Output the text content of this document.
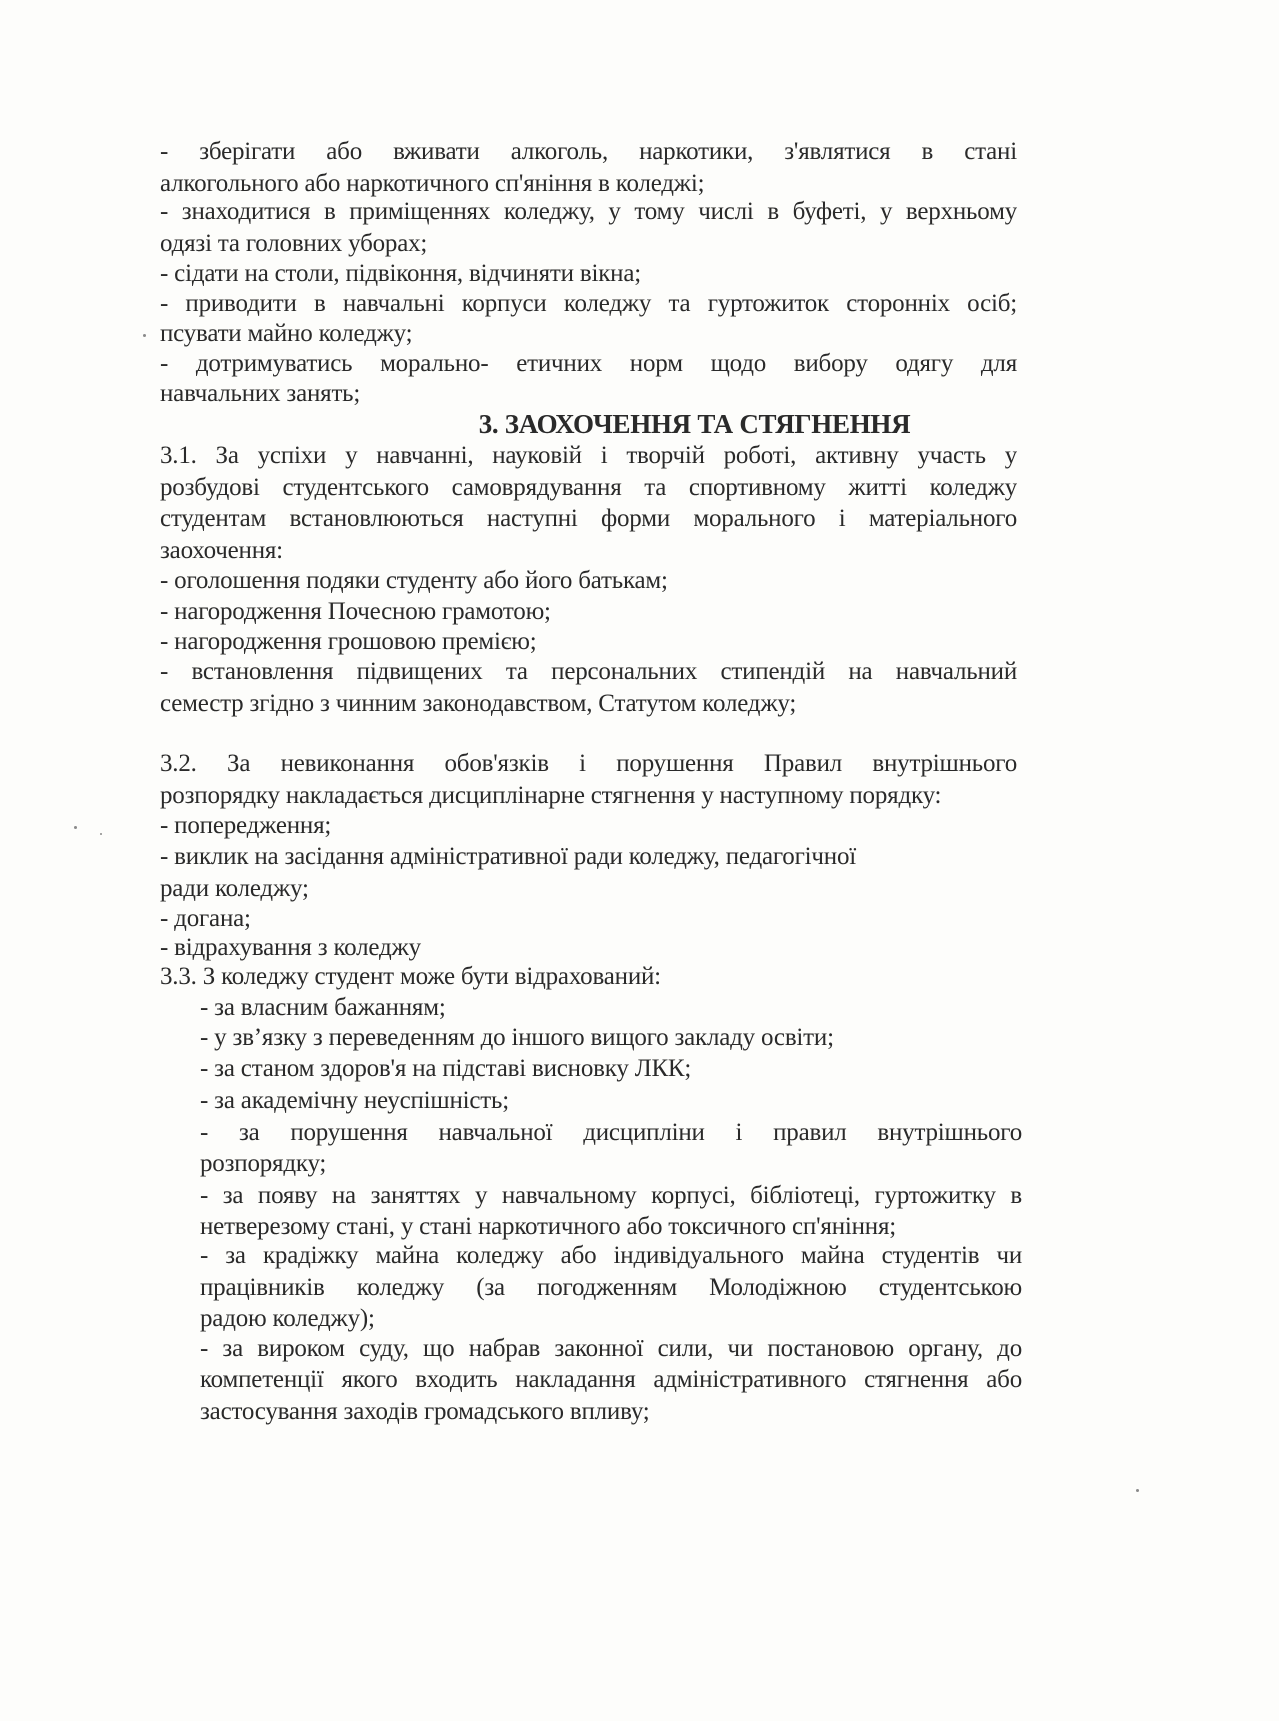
- зберігати або вживати алкоголь, наркотики, з'являтися в стані
алкогольного або наркотичного сп'яніння в коледжі;
- знаходитися в приміщеннях коледжу, у тому числі в буфеті, у верхньому
одязі та головних уборах;
- сідати на столи, підвіконня, відчиняти вікна;
- приводити в навчальні корпуси коледжу та гуртожиток сторонніх осіб;
псувати майно коледжу;
- дотримуватись морально- етичних норм щодо вибору одягу для
навчальних занять;
3. ЗАОХОЧЕННЯ ТА СТЯГНЕННЯ
3.1. За успіхи у навчанні, науковій і творчій роботі, активну участь у
розбудові студентського самоврядування та спортивному житті коледжу
студентам встановлюються наступні форми морального і матеріального
заохочення:
- оголошення подяки студенту або його батькам;
- нагородження Почесною грамотою;
- нагородження грошовою премією;
- встановлення підвищених та персональних стипендій на навчальний
семестр згідно з чинним законодавством, Статутом коледжу;
3.2. За невиконання обов'язків і порушення Правил внутрішнього
розпорядку накладається дисциплінарне стягнення у наступному порядку:
- попередження;
- виклик на засідання адміністративної ради коледжу, педагогічної
ради коледжу;
- догана;
- відрахування з коледжу
3.3. З коледжу студент може бути відрахований:
- за власним бажанням;
- у зв’язку з переведенням до іншого вищого закладу освіти;
- за станом здоров'я на підставі висновку ЛКК;
- за академічну неуспішність;
- за порушення навчальної дисципліни і правил внутрішнього
розпорядку;
- за появу на заняттях у навчальному корпусі, бібліотеці, гуртожитку в
нетверезому стані, у стані наркотичного або токсичного сп'яніння;
- за крадіжку майна коледжу або індивідуального майна студентів чи
працівників коледжу (за погодженням Молодіжною студентською
радою коледжу);
- за вироком суду, що набрав законної сили, чи постановою органу, до
компетенції якого входить накладання адміністративного стягнення або
застосування заходів громадського впливу;
